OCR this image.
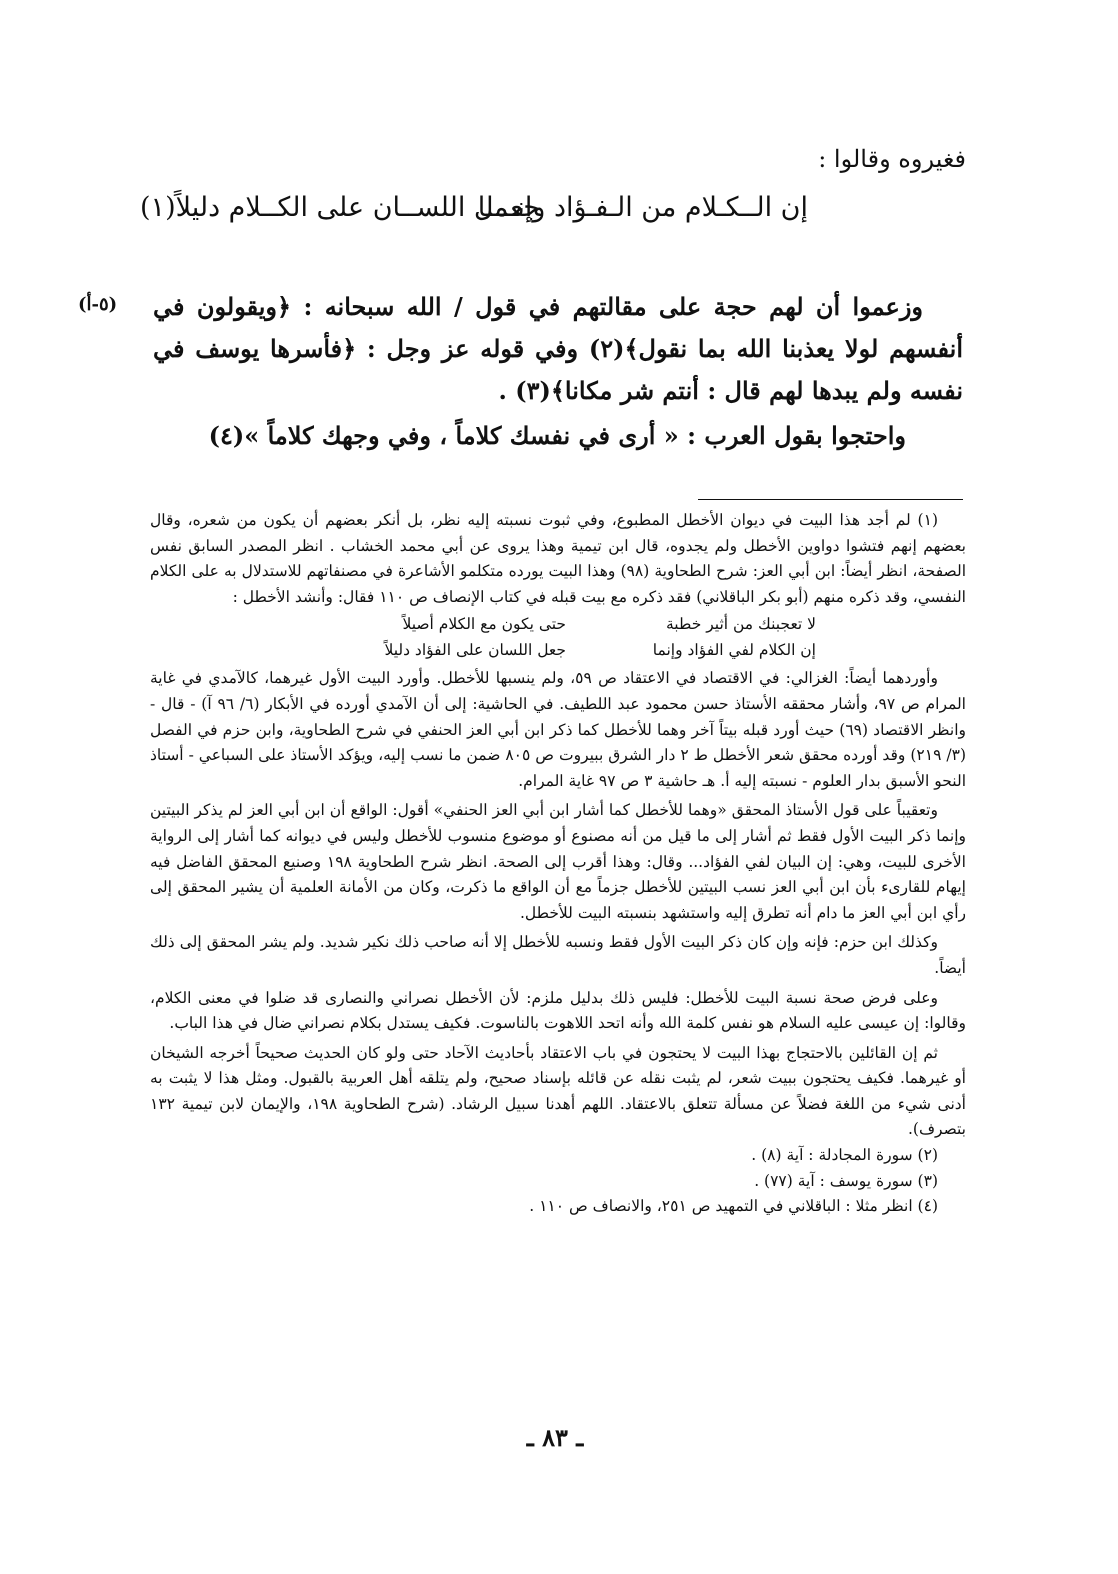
فغيروه وقالوا :
إن الــكـلام من الـفـؤاد وإنـمـا
جعــل اللســان على الكــلام دليلاً(١)
(٥-أ) وزعموا أن لهم حجة على مقالتهم في قول / الله سبحانه : ﴿ويقولون في أنفسهم لولا يعذبنا الله بما نقول﴾(٢) وفي قوله عز وجل : ﴿فأسرها يوسف في نفسه ولم يبدها لهم قال : أنتم شر مكانا﴾(٣) .

واحتجوا بقول العرب : « أرى في نفسك كلاماً ، وفي وجهك كلاماً »(٤)

(١) لم أجد هذا البيت في ديوان الأخطل المطبوع، وفي ثبوت نسبته إليه نظر، بل أنكر بعضهم أن يكون من شعره، وقال بعضهم إنهم فتشوا دواوين الأخطل ولم يجدوه، قال ابن تيمية وهذا يروى عن أبي محمد الخشاب . انظر المصدر السابق نفس الصفحة، انظر أيضاً: ابن أبي العز: شرح الطحاوية (٩٨) وهذا البيت يورده متكلمو الأشاعرة في مصنفاتهم للاستدلال به على الكلام النفسي، وقد ذكره منهم (أبو بكر الباقلاني) فقد ذكره مع بيت قبله في كتاب الإنصاف ص ١١٠ فقال: وأنشد الأخطل :

لا تعجبنك من أثير خطبة
حتى يكون مع الكلام أصيلاً
إن الكلام لفي الفؤاد وإنما
جعل اللسان على الفؤاد دليلاً

وأوردهما أيضاً: الغزالي: في الاقتصاد في الاعتقاد ص ٥٩، ولم ينسبها للأخطل. وأورد البيت الأول غيرهما، كالآمدي في غاية المرام ص ٩٧، وأشار محققه الأستاذ حسن محمود عبد اللطيف. في الحاشية: إلى أن الآمدي أورده في الأبكار (٦/ ٩٦ آ) - قال - وانظر الاقتصاد (٦٩) حيث أورد قبله بيتاً آخر وهما للأخطل كما ذكر ابن أبي العز الحنفي في شرح الطحاوية، وابن حزم في الفصل (٣/ ٢١٩) وقد أورده محقق شعر الأخطل ط ٢ دار الشرق ببيروت ص ٨٠٥ ضمن ما نسب إليه، ويؤكد الأستاذ على السباعي - أستاذ النحو الأسبق بدار العلوم - نسبته إليه أ. هـ حاشية ٣ ص ٩٧ غاية المرام.

وتعقيباً على قول الأستاذ المحقق «وهما للأخطل كما أشار ابن أبي العز الحنفي» أقول: الواقع أن ابن أبي العز لم يذكر البيتين وإنما ذكر البيت الأول فقط ثم أشار إلى ما قيل من أنه مصنوع أو موضوع منسوب للأخطل وليس في ديوانه كما أشار إلى الرواية الأخرى للبيت، وهي: إن البيان لفي الفؤاد... وقال: وهذا أقرب إلى الصحة. انظر شرح الطحاوية ١٩٨ وصنيع المحقق الفاضل فيه إيهام للقارىء بأن ابن أبي العز نسب البيتين للأخطل جزماً مع أن الواقع ما ذكرت، وكان من الأمانة العلمية أن يشير المحقق إلى رأي ابن أبي العز ما دام أنه تطرق إليه واستشهد بنسبته البيت للأخطل.

وكذلك ابن حزم: فإنه وإن كان ذكر البيت الأول فقط ونسبه للأخطل إلا أنه صاحب ذلك نكير شديد. ولم يشر المحقق إلى ذلك أيضاً.

وعلى فرض صحة نسبة البيت للأخطل: فليس ذلك بدليل ملزم: لأن الأخطل نصراني والنصارى قد ضلوا في معنى الكلام، وقالوا: إن عيسى عليه السلام هو نفس كلمة الله وأنه اتحد اللاهوت بالناسوت. فكيف يستدل بكلام نصراني ضال في هذا الباب.

ثم إن القائلين بالاحتجاج بهذا البيت لا يحتجون في باب الاعتقاد بأحاديث الآحاد حتى ولو كان الحديث صحيحاً أخرجه الشيخان أو غيرهما. فكيف يحتجون ببيت شعر، لم يثبت نقله عن قائله بإسناد صحيح، ولم يتلقه أهل العربية بالقبول. ومثل هذا لا يثبت به أدنى شيء من اللغة فضلاً عن مسألة تتعلق بالاعتقاد. اللهم أهدنا سبيل الرشاد. (شرح الطحاوية ١٩٨، والإيمان لابن تيمية ١٣٢ بتصرف).

(٢) سورة المجادلة : آية (٨) .

(٣) سورة يوسف : آية (٧٧) .

(٤) انظر مثلا : الباقلاني في التمهيد ص ٢٥١، والانصاف ص ١١٠ .

ـ ٨٣ ـ
